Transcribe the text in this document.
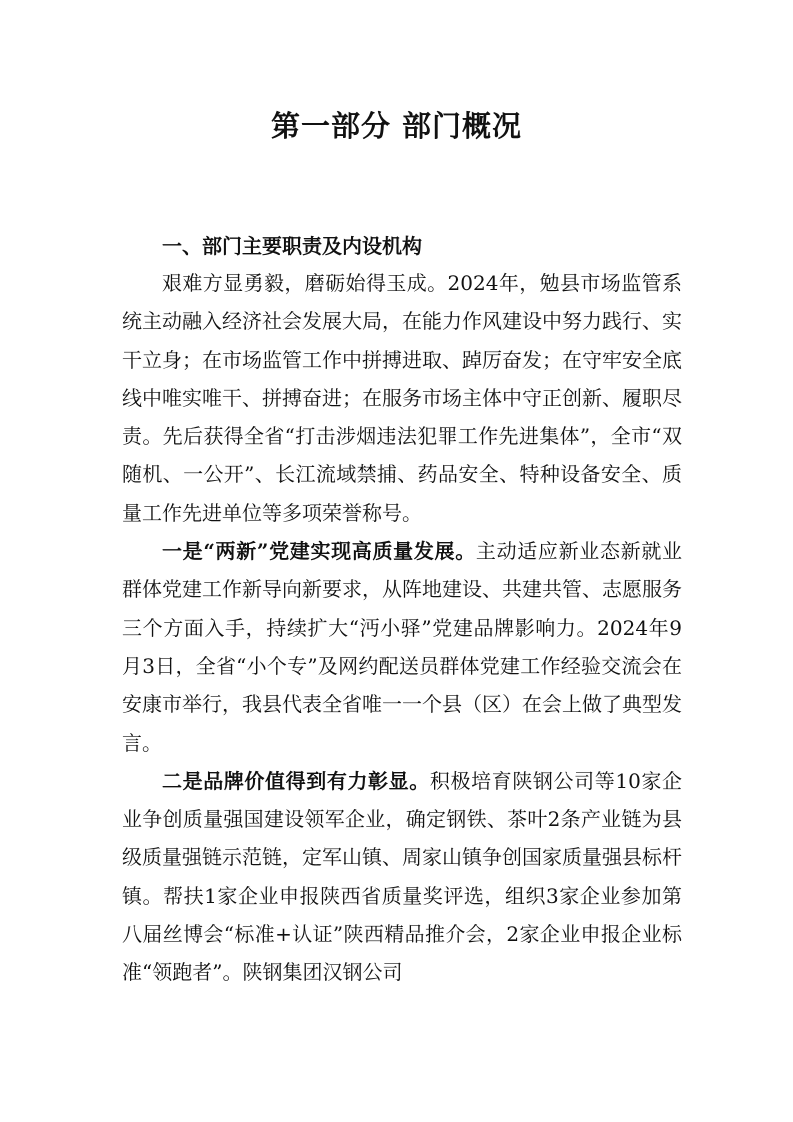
第一部分 部门概况
一、部门主要职责及内设机构

艰难方显勇毅，磨砺始得玉成。2024年，勉县市场监管系统主动融入经济社会发展大局，在能力作风建设中努力践行、实干立身；在市场监管工作中拼搏进取、踔厉奋发；在守牢安全底线中唯实唯干、拼搏奋进；在服务市场主体中守正创新、履职尽责。先后获得全省“打击涉烟违法犯罪工作先进集体”，全市“双随机、一公开”、长江流域禁捕、药品安全、特种设备安全、质量工作先进单位等多项荣誉称号。

一是“两新”党建实现高质量发展。主动适应新业态新就业群体党建工作新导向新要求，从阵地建设、共建共管、志愿服务三个方面入手，持续扩大“沔小驿”党建品牌影响力。2024年9月3日，全省“小个专”及网约配送员群体党建工作经验交流会在安康市举行，我县代表全省唯一一个县（区）在会上做了典型发言。

二是品牌价值得到有力彰显。积极培育陕钢公司等10家企业争创质量强国建设领军企业，确定钢铁、茶叶2条产业链为县级质量强链示范链，定军山镇、周家山镇争创国家质量强县标杆镇。帮扶1家企业申报陕西省质量奖评选，组织3家企业参加第八届丝博会“标准+认证”陕西精品推介会，2家企业申报企业标准“领跑者”。陕钢集团汉钢公司
